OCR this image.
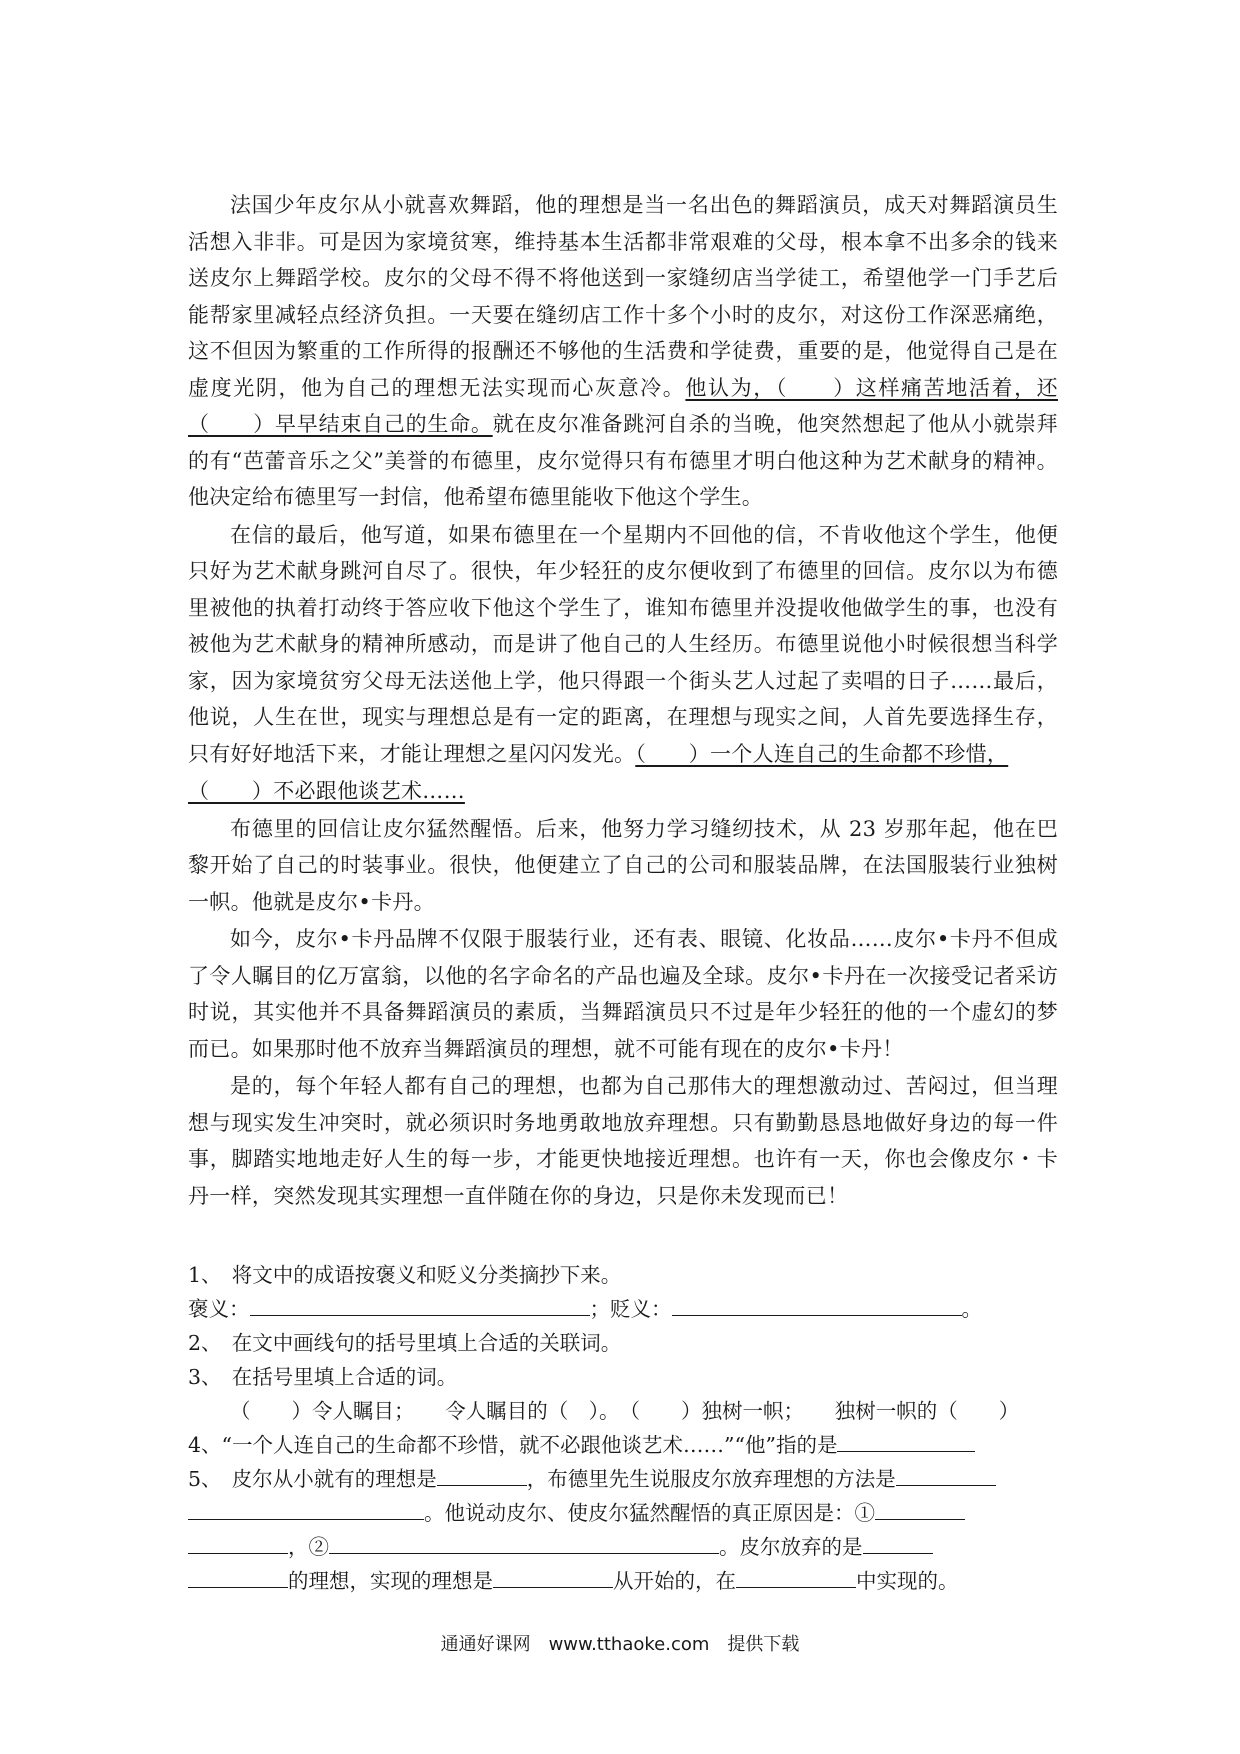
法国少年皮尔从小就喜欢舞蹈，他的理想是当一名出色的舞蹈演员，成天对舞蹈演员生活想入非非。可是因为家境贫寒，维持基本生活都非常艰难的父母，根本拿不出多余的钱来送皮尔上舞蹈学校。皮尔的父母不得不将他送到一家缝纫店当学徒工，希望他学一门手艺后能帮家里减轻点经济负担。一天要在缝纫店工作十多个小时的皮尔，对这份工作深恶痛绝，这不但因为繁重的工作所得的报酬还不够他的生活费和学徒费，重要的是，他觉得自己是在虚度光阴，他为自己的理想无法实现而心灰意冷。他认为，（　　）这样痛苦地活着，还（　　）早早结束自己的生命。就在皮尔准备跳河自杀的当晚，他突然想起了他从小就崇拜的有“芭蕾音乐之父”美誉的布德里，皮尔觉得只有布德里才明白他这种为艺术献身的精神。他决定给布德里写一封信，他希望布德里能收下他这个学生。

在信的最后，他写道，如果布德里在一个星期内不回他的信，不肯收他这个学生，他便只好为艺术献身跳河自尽了。很快，年少轻狂的皮尔便收到了布德里的回信。皮尔以为布德里被他的执着打动终于答应收下他这个学生了，谁知布德里并没提收他做学生的事，也没有被他为艺术献身的精神所感动，而是讲了他自己的人生经历。布德里说他小时候很想当科学家，因为家境贫穷父母无法送他上学，他只得跟一个街头艺人过起了卖唱的日子……最后，他说，人生在世，现实与理想总是有一定的距离，在理想与现实之间，人首先要选择生存，只有好好地活下来，才能让理想之星闪闪发光。（　　）一个人连自己的生命都不珍惜，

（　　）不必跟他谈艺术……

布德里的回信让皮尔猛然醒悟。后来，他努力学习缝纫技术，从 23 岁那年起，他在巴黎开始了自己的时装事业。很快，他便建立了自己的公司和服装品牌，在法国服装行业独树一帜。他就是皮尔•卡丹。

如今，皮尔•卡丹品牌不仅限于服装行业，还有表、眼镜、化妆品……皮尔•卡丹不但成了令人瞩目的亿万富翁，以他的名字命名的产品也遍及全球。皮尔•卡丹在一次接受记者采访时说，其实他并不具备舞蹈演员的素质，当舞蹈演员只不过是年少轻狂的他的一个虚幻的梦而已。如果那时他不放弃当舞蹈演员的理想，就不可能有现在的皮尔•卡丹！

是的，每个年轻人都有自己的理想，也都为自己那伟大的理想激动过、苦闷过，但当理想与现实发生冲突时，就必须识时务地勇敢地放弃理想。只有勤勤恳恳地做好身边的每一件事，脚踏实地地走好人生的每一步，才能更快地接近理想。也许有一天，你也会像皮尔・卡丹一样，突然发现其实理想一直伴随在你的身边，只是你未发现而已！

1、　将文中的成语按褒义和贬义分类摘抄下来。

褒义：	；贬义：	。

2、　在文中画线句的括号里填上合适的关联词。

3、　在括号里填上合适的词。

（　　）令人瞩目；　　令人瞩目的（　）。　（　　）独树一帜；　　独树一帜的（　　）

4、“一个人连自己的生命都不珍惜，就不必跟他谈艺术……”“他”指的是

5、　皮尔从小就有的理想是	，布德里先生说服皮尔放弃理想的方法是

。他说动皮尔、使皮尔猛然醒悟的真正原因是：①

，②	。皮尔放弃的是

的理想，实现的理想是	从开始的，在	中实现的。

通通好课网　www.tthaoke.com　提供下载
